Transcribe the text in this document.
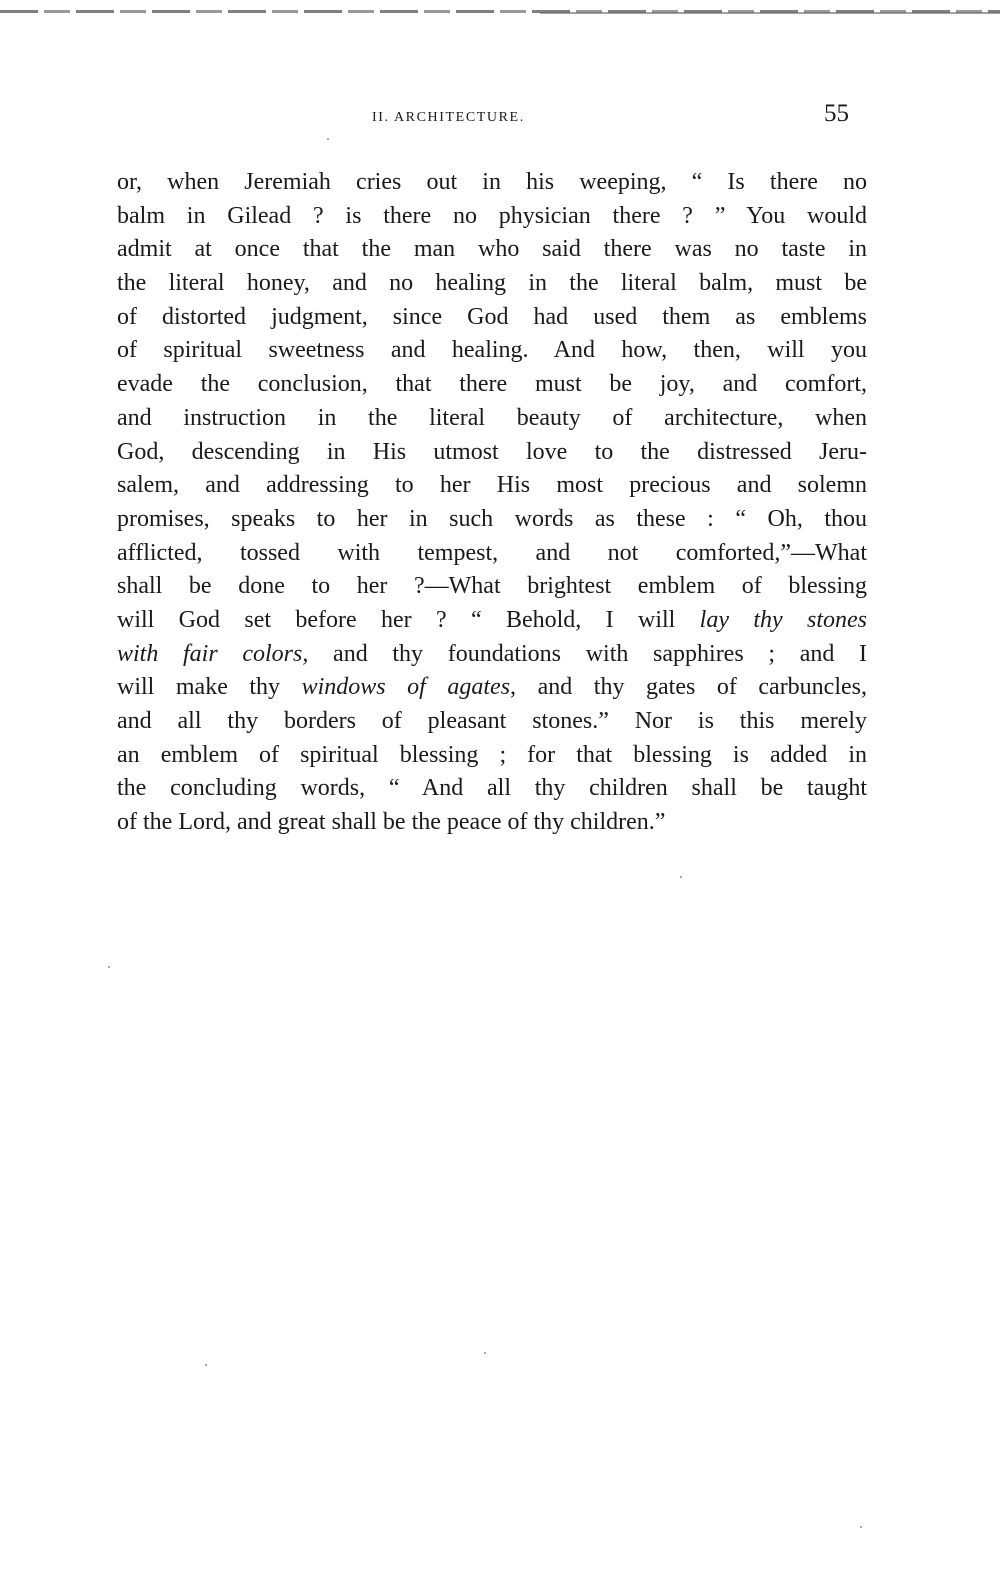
II. ARCHITECTURE.	55
or, when Jeremiah cries out in his weeping, “ Is there no
balm in Gilead ? is there no physician there ? ” You would
admit at once that the man who said there was no taste in
the literal honey, and no healing in the literal balm, must be
of distorted judgment, since God had used them as emblems
of spiritual sweetness and healing. And how, then, will you
evade the conclusion, that there must be joy, and comfort,
and instruction in the literal beauty of architecture, when
God, descending in His utmost love to the distressed Jeru-
salem, and addressing to her His most precious and solemn
promises, speaks to her in such words as these : “ Oh, thou
afflicted, tossed with tempest, and not comforted,”—What
shall be done to her ?—What brightest emblem of blessing
will God set before her ? “ Behold, I will lay thy stones
with fair colors, and thy foundations with sapphires ; and I
will make thy windows of agates, and thy gates of carbuncles,
and all thy borders of pleasant stones.” Nor is this merely
an emblem of spiritual blessing ; for that blessing is added in
the concluding words, “ And all thy children shall be taught
of the Lord, and great shall be the peace of thy children.”
